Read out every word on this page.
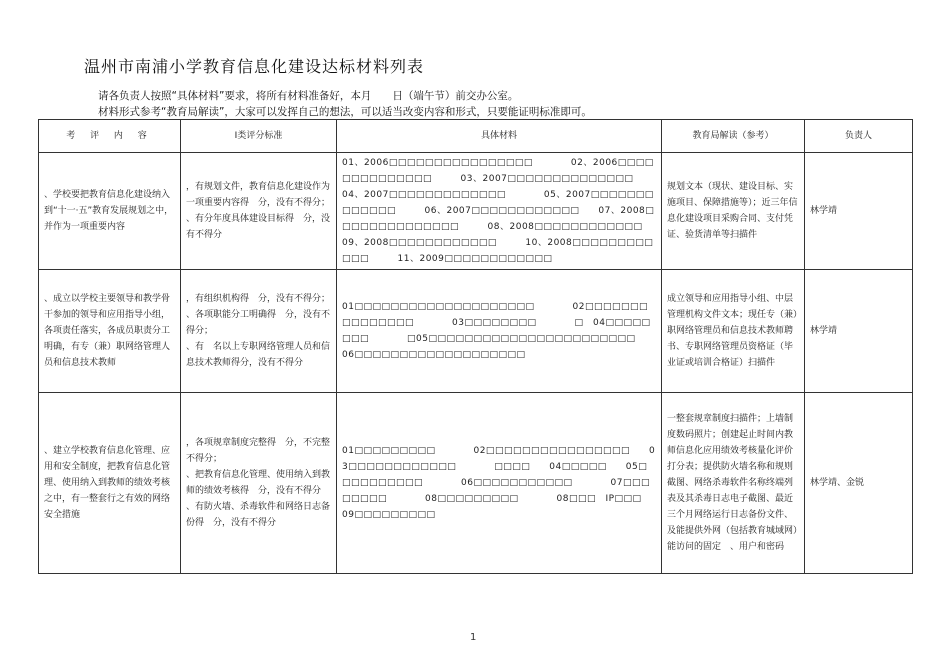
温州市南浦小学教育信息化建设达标材料列表
请各负责人按照“具体材料”要求，将所有材料准备好，本月　　日（端午节）前交办公室。
材料形式参考“教育局解读”，大家可以发挥自己的想法，可以适当改变内容和形式，只要能证明标准即可。
考 评 内 容	I类评分标准	具体材料	教育局解读（参考）	负责人
、学校要把教育信息化建设纳入到“十一·五”教育发展规划之中，并作为一项重要内容	，有规划文件，教育信息化建设作为一项重要内容得　分，没有不得分；
、有分年度具体建设目标得　分，没有不得分	01、2006□□□□□□□□□□□□□□□□　　　　02、2006□□□□□□□□□□□□□□　　　03、2007□□□□□□□□□□□□□□
04、2007□□□□□□□□□□□□□　　　　05、2007□□□□□□□□□□□□□　　　06、2007□□□□□□□□□□□□　　07、2008□□□□□□□□□□□□□□　　　08、2008□□□□□□□□□□□□　09、2008□□□□□□□□□□□□　　　10、2008□□□□□□□□□□□□　　　11、2009□□□□□□□□□□□□	规划文本（现状、建设目标、实施项目、保障措施等）；近三年信息化建设项目采购合同、支付凭证、验货清单等扫描件	林学靖
、成立以学校主要领导和教学骨干参加的领导和应用指导小组，各项责任落实，各成员职责分工明确，有专（兼）职网络管理人员和信息技术教师	，有组织机构得　分，没有不得分；
、各项职能分工明确得　分，没有不得分；
、有　名以上专职网络管理人员和信息技术教师得分，没有不得分	01□□□□□□□□□□□□□□□□□□□□　　　　02□□□□□□□□□□□□□□□　　　　03□□□□□□□□　　　　□　04□□□□□□□□　　　　□05□□□□□□□□□□□□□□□□□□□□□□□　　　　06□□□□□□□□□□□□□□□□□□□	成立领导和应用指导小组、中层管理机构文件文本；现任专（兼）职网络管理员和信息技术教师聘书、专职网络管理员资格证（毕业证或培训合格证）扫描件	林学靖
、建立学校教育信息化管理、应用和安全制度，把教育信息化管理、使用纳入到教师的绩效考核之中，有一整套行之有效的网络安全措施	，各项规章制度完整得　分，不完整不得分；
、把教育信息化管理、使用纳入到教师的绩效考核得　分，没有不得分
、有防火墙、杀毒软件和网络日志备份得　分，没有不得分	01□□□□□□□□□　　　　02□□□□□□□□□□□□□□□□　　03□□□□□□□□□□□□　　　　□□□□　　04□□□□□　　05□□□□□□□□□□　　　　06□□□□□□□□□□□　　　　07□□□□□□□□　　　　08□□□□□□□□□　　　　08□□□　IP□□□　09□□□□□□□□□	一整套规章制度扫描件；上墙制度数码照片；创建起止时间内教师信息化应用绩效考核量化评价打分表；提供防火墙名称和规则截图、网络杀毒软件名称终端列表及其杀毒日志电子截图、最近三个月网络运行日志备份文件、及能提供外网（包括教育城域网）能访问的固定　、用户和密码	林学靖、金锐
1
